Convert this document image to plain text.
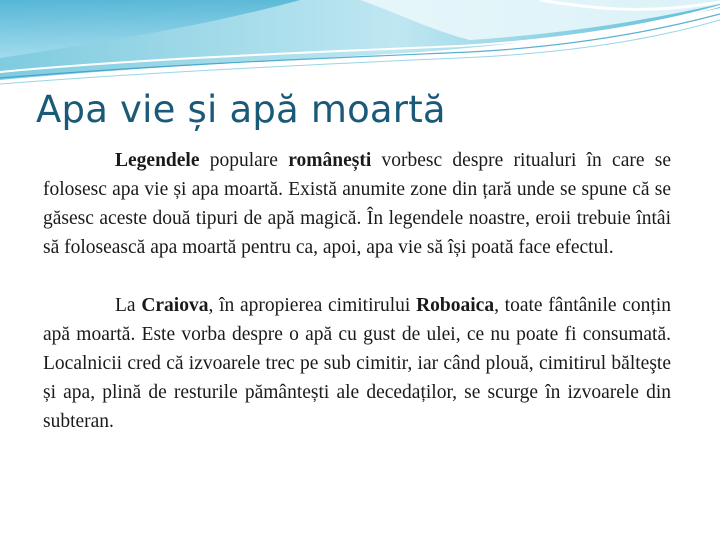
Apa vie și apă moartă

Legendele populare românești vorbesc despre ritualuri în care se folosesc apa vie și apa moartă. Există anumite zone din țară unde se spune că se găsesc aceste două tipuri de apă magică. În legendele noastre, eroii trebuie întâi să folosească apa moartă pentru ca, apoi, apa vie să își poată face efectul.

La Craiova, în apropierea cimitirului Roboaica, toate fântânile conțin apă moartă. Este vorba despre o apă cu gust de ulei, ce nu poate fi consumată. Localnicii cred că izvoarele trec pe sub cimitir, iar când plouă, cimitirul bălteşte și apa, plină de resturile pământești ale decedaților, se scurge în izvoarele din subteran.
